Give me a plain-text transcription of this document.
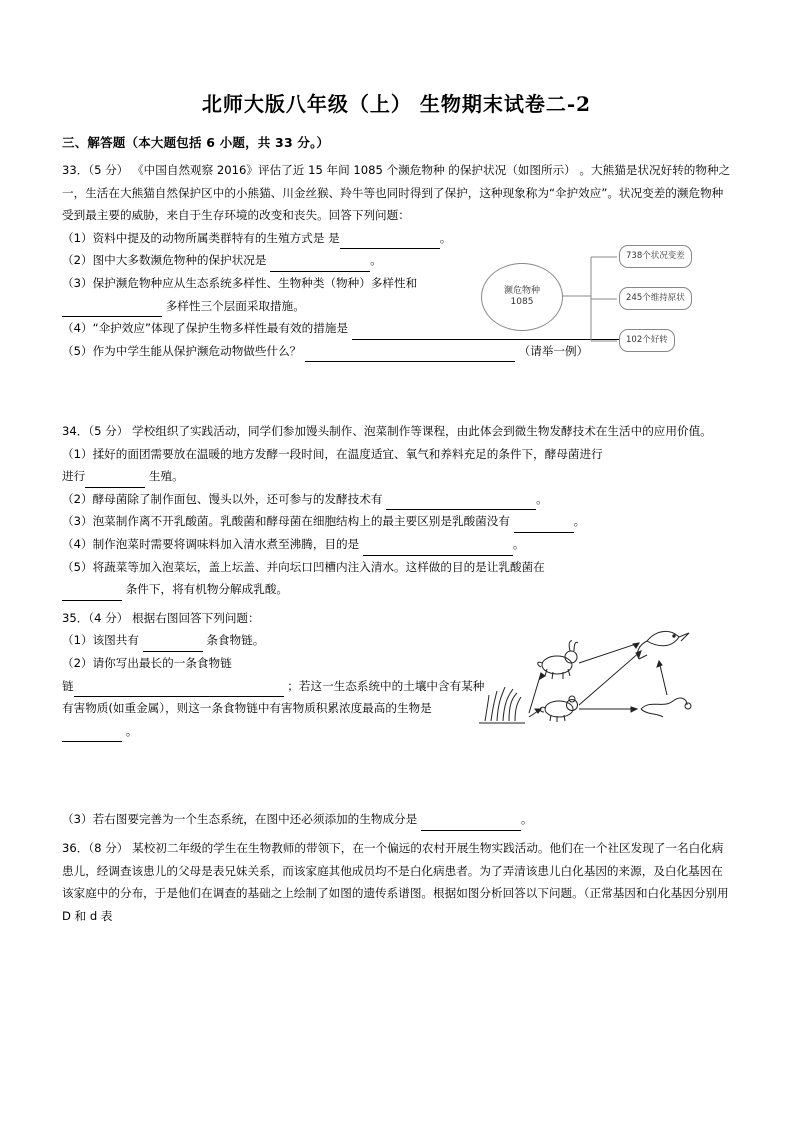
北师大版八年级（上） 生物期末试卷二-2
三、解答题（本大题包括 6 小题，共 33 分。）
濒危物种
1085
738个状况变差
245个维持原状
102个好转
33．（5 分） 《中国自然观察 2016》评估了近 15 年间 1085 个濒危物种 的保护状况（如图所示） 。大熊猫是状况好转的物种之一，生活在大熊猫自然保护区中的小熊猫、川金丝猴、羚牛等也同时得到了保护，这种现象称为“伞护效应”。状况变差的濒危物种受到最主要的威胁，来自于生存环境的改变和丧失。回答下列问题：
（1）资料中提及的动物所属类群特有的生殖方式是 是	。
（2）图中大多数濒危物种的保护状况是	。
（3）保护濒危物种应从生态系统多样性、生物种类（物种）多样性和
多样性三个层面采取措施。
（4）“伞护效应”体现了保护生物多样性最有效的措施是
（5）作为中学生能从保护濒危动物做些什么？	（请举一例）
34．（5 分） 学校组织了实践活动，同学们参加馒头制作、泡菜制作等课程，由此体会到微生物发酵技术在生活中的应用价值。
（1）揉好的面团需要放在温暖的地方发酵一段时间，在温度适宜、氧气和养料充足的条件下，酵母菌进行
进行	生殖。
（2）酵母菌除了制作面包、馒头以外，还可参与的发酵技术有	。
（3）泡菜制作离不开乳酸菌。乳酸菌和酵母菌在细胞结构上的最主要区别是乳酸菌没有	。
（4）制作泡菜时需要将调味料加入清水煮至沸腾，目的是	。
（5）将蔬菜等加入泡菜坛，盖上坛盖、并向坛口凹槽内注入清水。这样做的目的是让乳酸菌在
条件下，将有机物分解成乳酸。
35．（4 分） 根据右图回答下列问题：
（1）该图共有	条食物链。
（2）请你写出最长的一条食物链
链	；若这一生态系统中的土壤中含有某种有害物质(如重金属），则这一条食物链中有害物质积累浓度最高的生物是  。
（3）若右图要完善为一个生态系统，在图中还必须添加的生物成分是	。
36．（8 分） 某校初二年级的学生在生物教师的带领下，在一个偏远的农村开展生物实践活动。他们在一个社区发现了一名白化病患儿，经调查该患儿的父母是表兄妹关系，而该家庭其他成员均不是白化病患者。为了弄清该患儿白化基因的来源，及白化基因在该家庭中的分布，于是他们在调查的基础之上绘制了如图的遗传系谱图。根据如图分析回答以下问题。（正常基因和白化基因分别用 D 和 d 表
